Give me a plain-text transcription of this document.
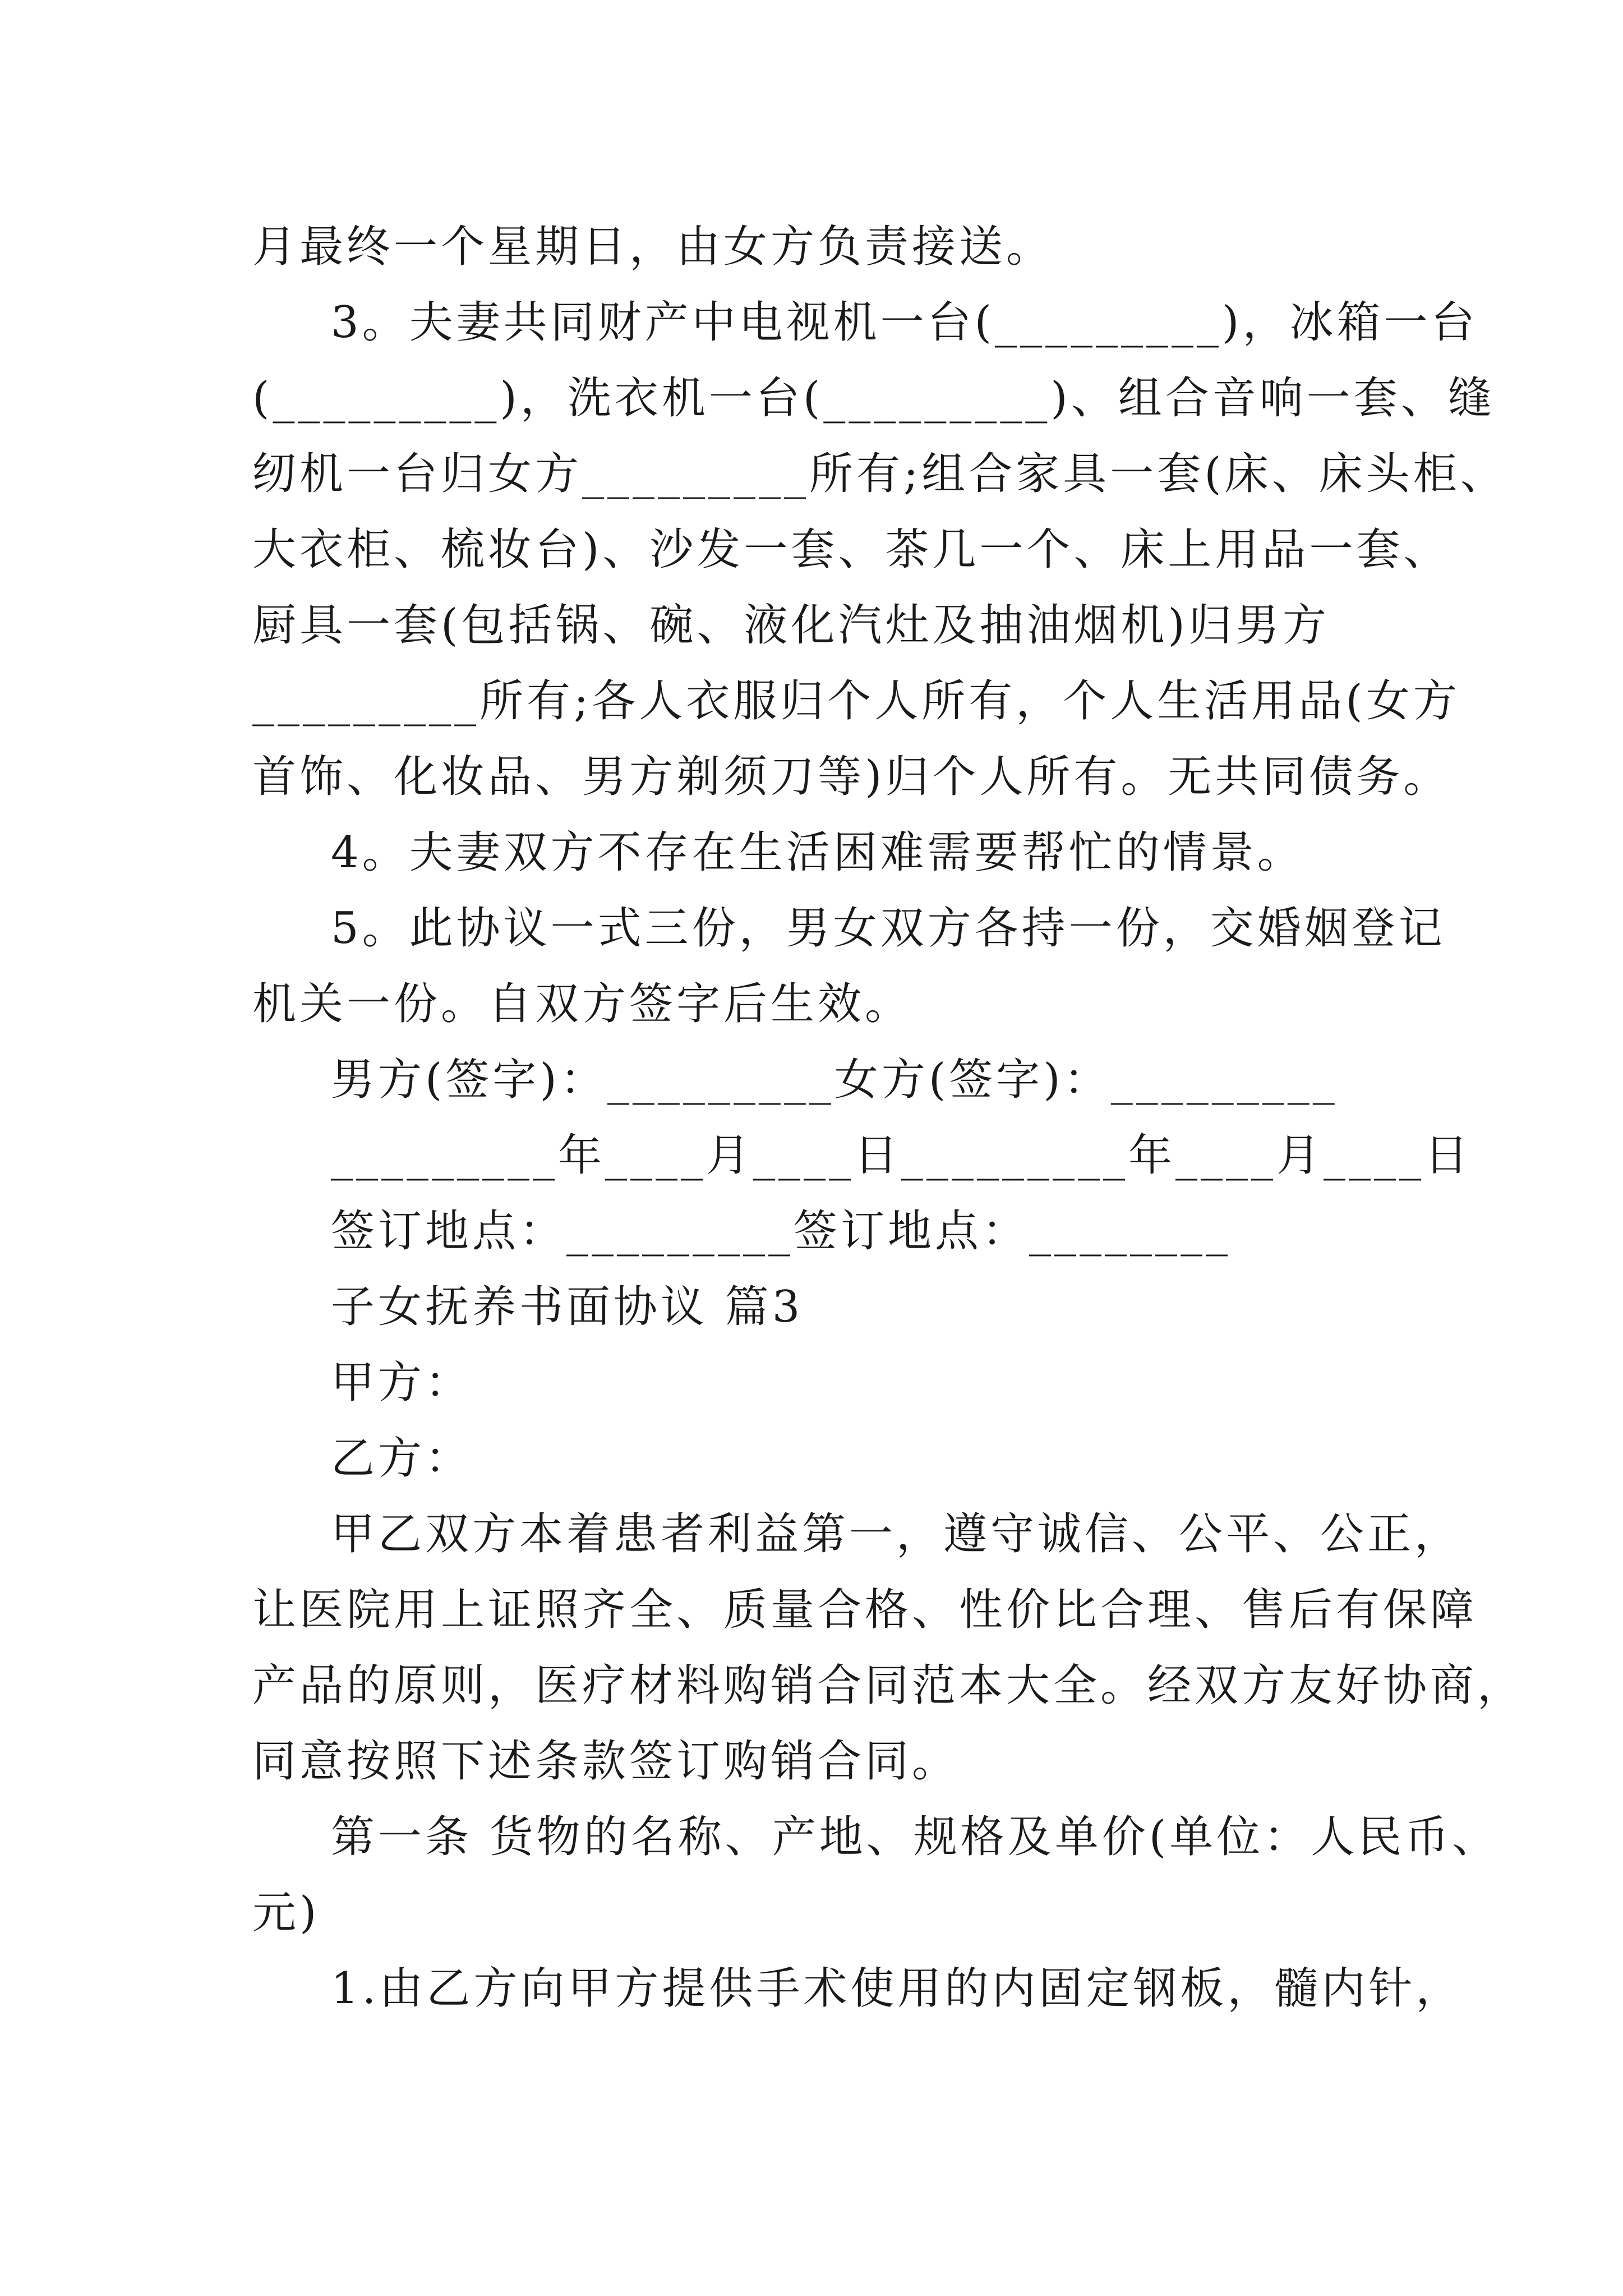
月最终一个星期日，由女方负责接送。
3。夫妻共同财产中电视机一台(_________)，冰箱一台
(_________)，洗衣机一台(_________)、组合音响一套、缝
纫机一台归女方_________所有;组合家具一套(床、床头柜、
大衣柜、梳妆台)、沙发一套、茶几一个、床上用品一套、
厨具一套(包括锅、碗、液化汽灶及抽油烟机)归男方
_________所有;各人衣服归个人所有，个人生活用品(女方
首饰、化妆品、男方剃须刀等)归个人所有。无共同债务。
4。夫妻双方不存在生活困难需要帮忙的情景。
5。此协议一式三份，男女双方各持一份，交婚姻登记
机关一份。自双方签字后生效。
男方(签字)：_________女方(签字)：_________
_________年____月____日_________年____月____日
签订地点：_________签订地点：________
子女抚养书面协议 篇3
甲方：
乙方：
甲乙双方本着患者利益第一，遵守诚信、公平、公正，
让医院用上证照齐全、质量合格、性价比合理、售后有保障
产品的原则，医疗材料购销合同范本大全。经双方友好协商，
同意按照下述条款签订购销合同。
第一条 货物的名称、产地、规格及单价(单位：人民币、
元)
1.由乙方向甲方提供手术使用的内固定钢板，髓内针，
